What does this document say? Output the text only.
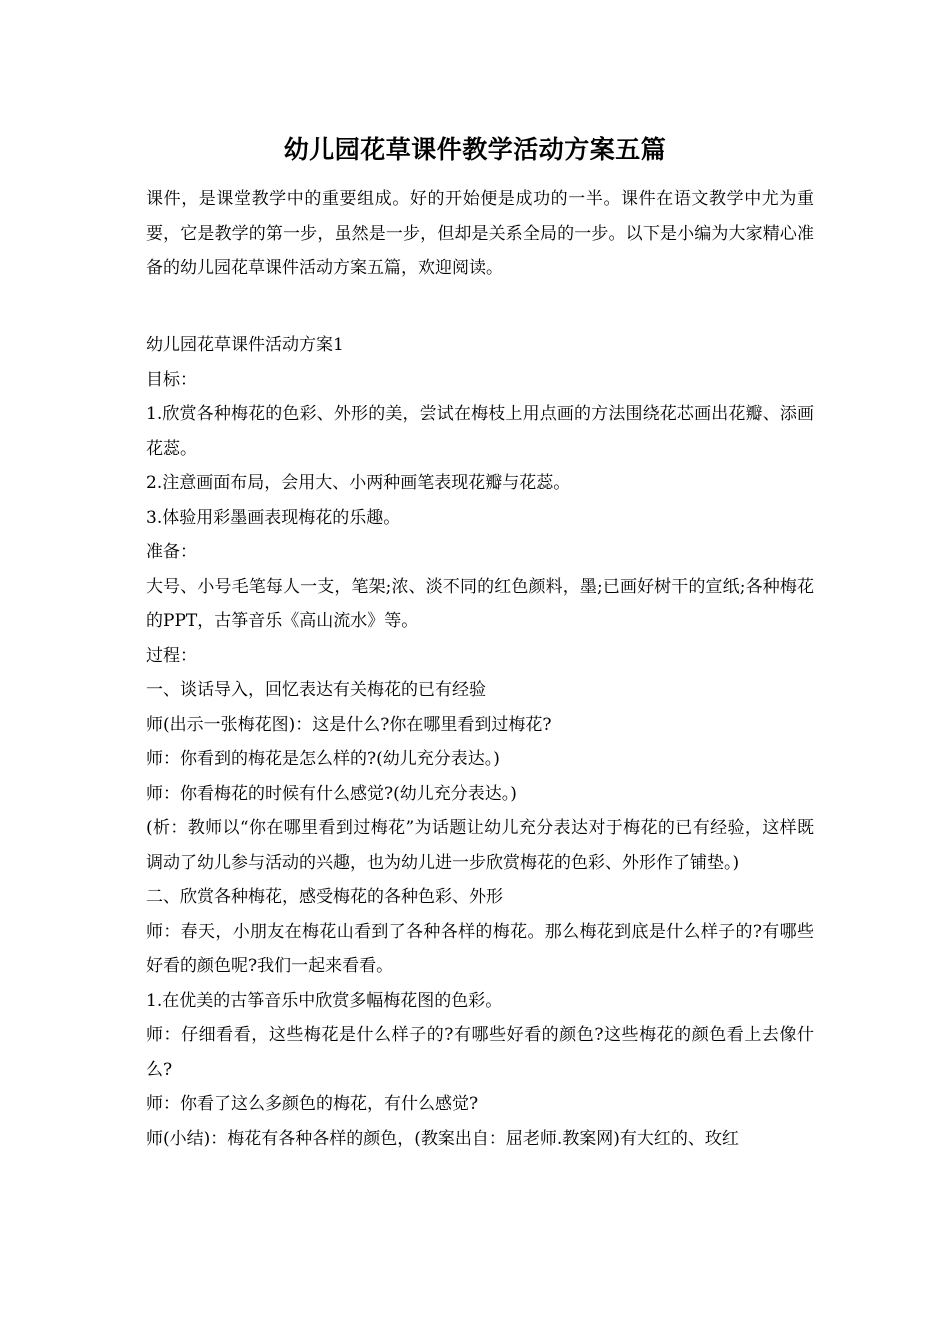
幼儿园花草课件教学活动方案五篇

课件，是课堂教学中的重要组成。好的开始便是成功的一半。课件在语文教学中尤为重要，它是教学的第一步，虽然是一步，但却是关系全局的一步。以下是小编为大家精心准备的幼儿园花草课件活动方案五篇，欢迎阅读。

幼儿园花草课件活动方案1

目标：

1.欣赏各种梅花的色彩、外形的美，尝试在梅枝上用点画的方法围绕花芯画出花瓣、添画花蕊。

2.注意画面布局，会用大、小两种画笔表现花瓣与花蕊。

3.体验用彩墨画表现梅花的乐趣。

准备：

大号、小号毛笔每人一支，笔架;浓、淡不同的红色颜料，墨;已画好树干的宣纸;各种梅花的PPT，古筝音乐《高山流水》等。

过程：

一、谈话导入，回忆表达有关梅花的已有经验

师(出示一张梅花图)：这是什么?你在哪里看到过梅花?

师：你看到的梅花是怎么样的?(幼儿充分表达。)

师：你看梅花的时候有什么感觉?(幼儿充分表达。)

(析：教师以“你在哪里看到过梅花”为话题让幼儿充分表达对于梅花的已有经验，这样既调动了幼儿参与活动的兴趣，也为幼儿进一步欣赏梅花的色彩、外形作了铺垫。)

二、欣赏各种梅花，感受梅花的各种色彩、外形

师：春天，小朋友在梅花山看到了各种各样的梅花。那么梅花到底是什么样子的?有哪些好看的颜色呢?我们一起来看看。

1.在优美的古筝音乐中欣赏多幅梅花图的色彩。

师：仔细看看，这些梅花是什么样子的?有哪些好看的颜色?这些梅花的颜色看上去像什么?

师：你看了这么多颜色的梅花，有什么感觉?

师(小结)：梅花有各种各样的颜色，(教案出自：屈老师.教案网)有大红的、玫红
